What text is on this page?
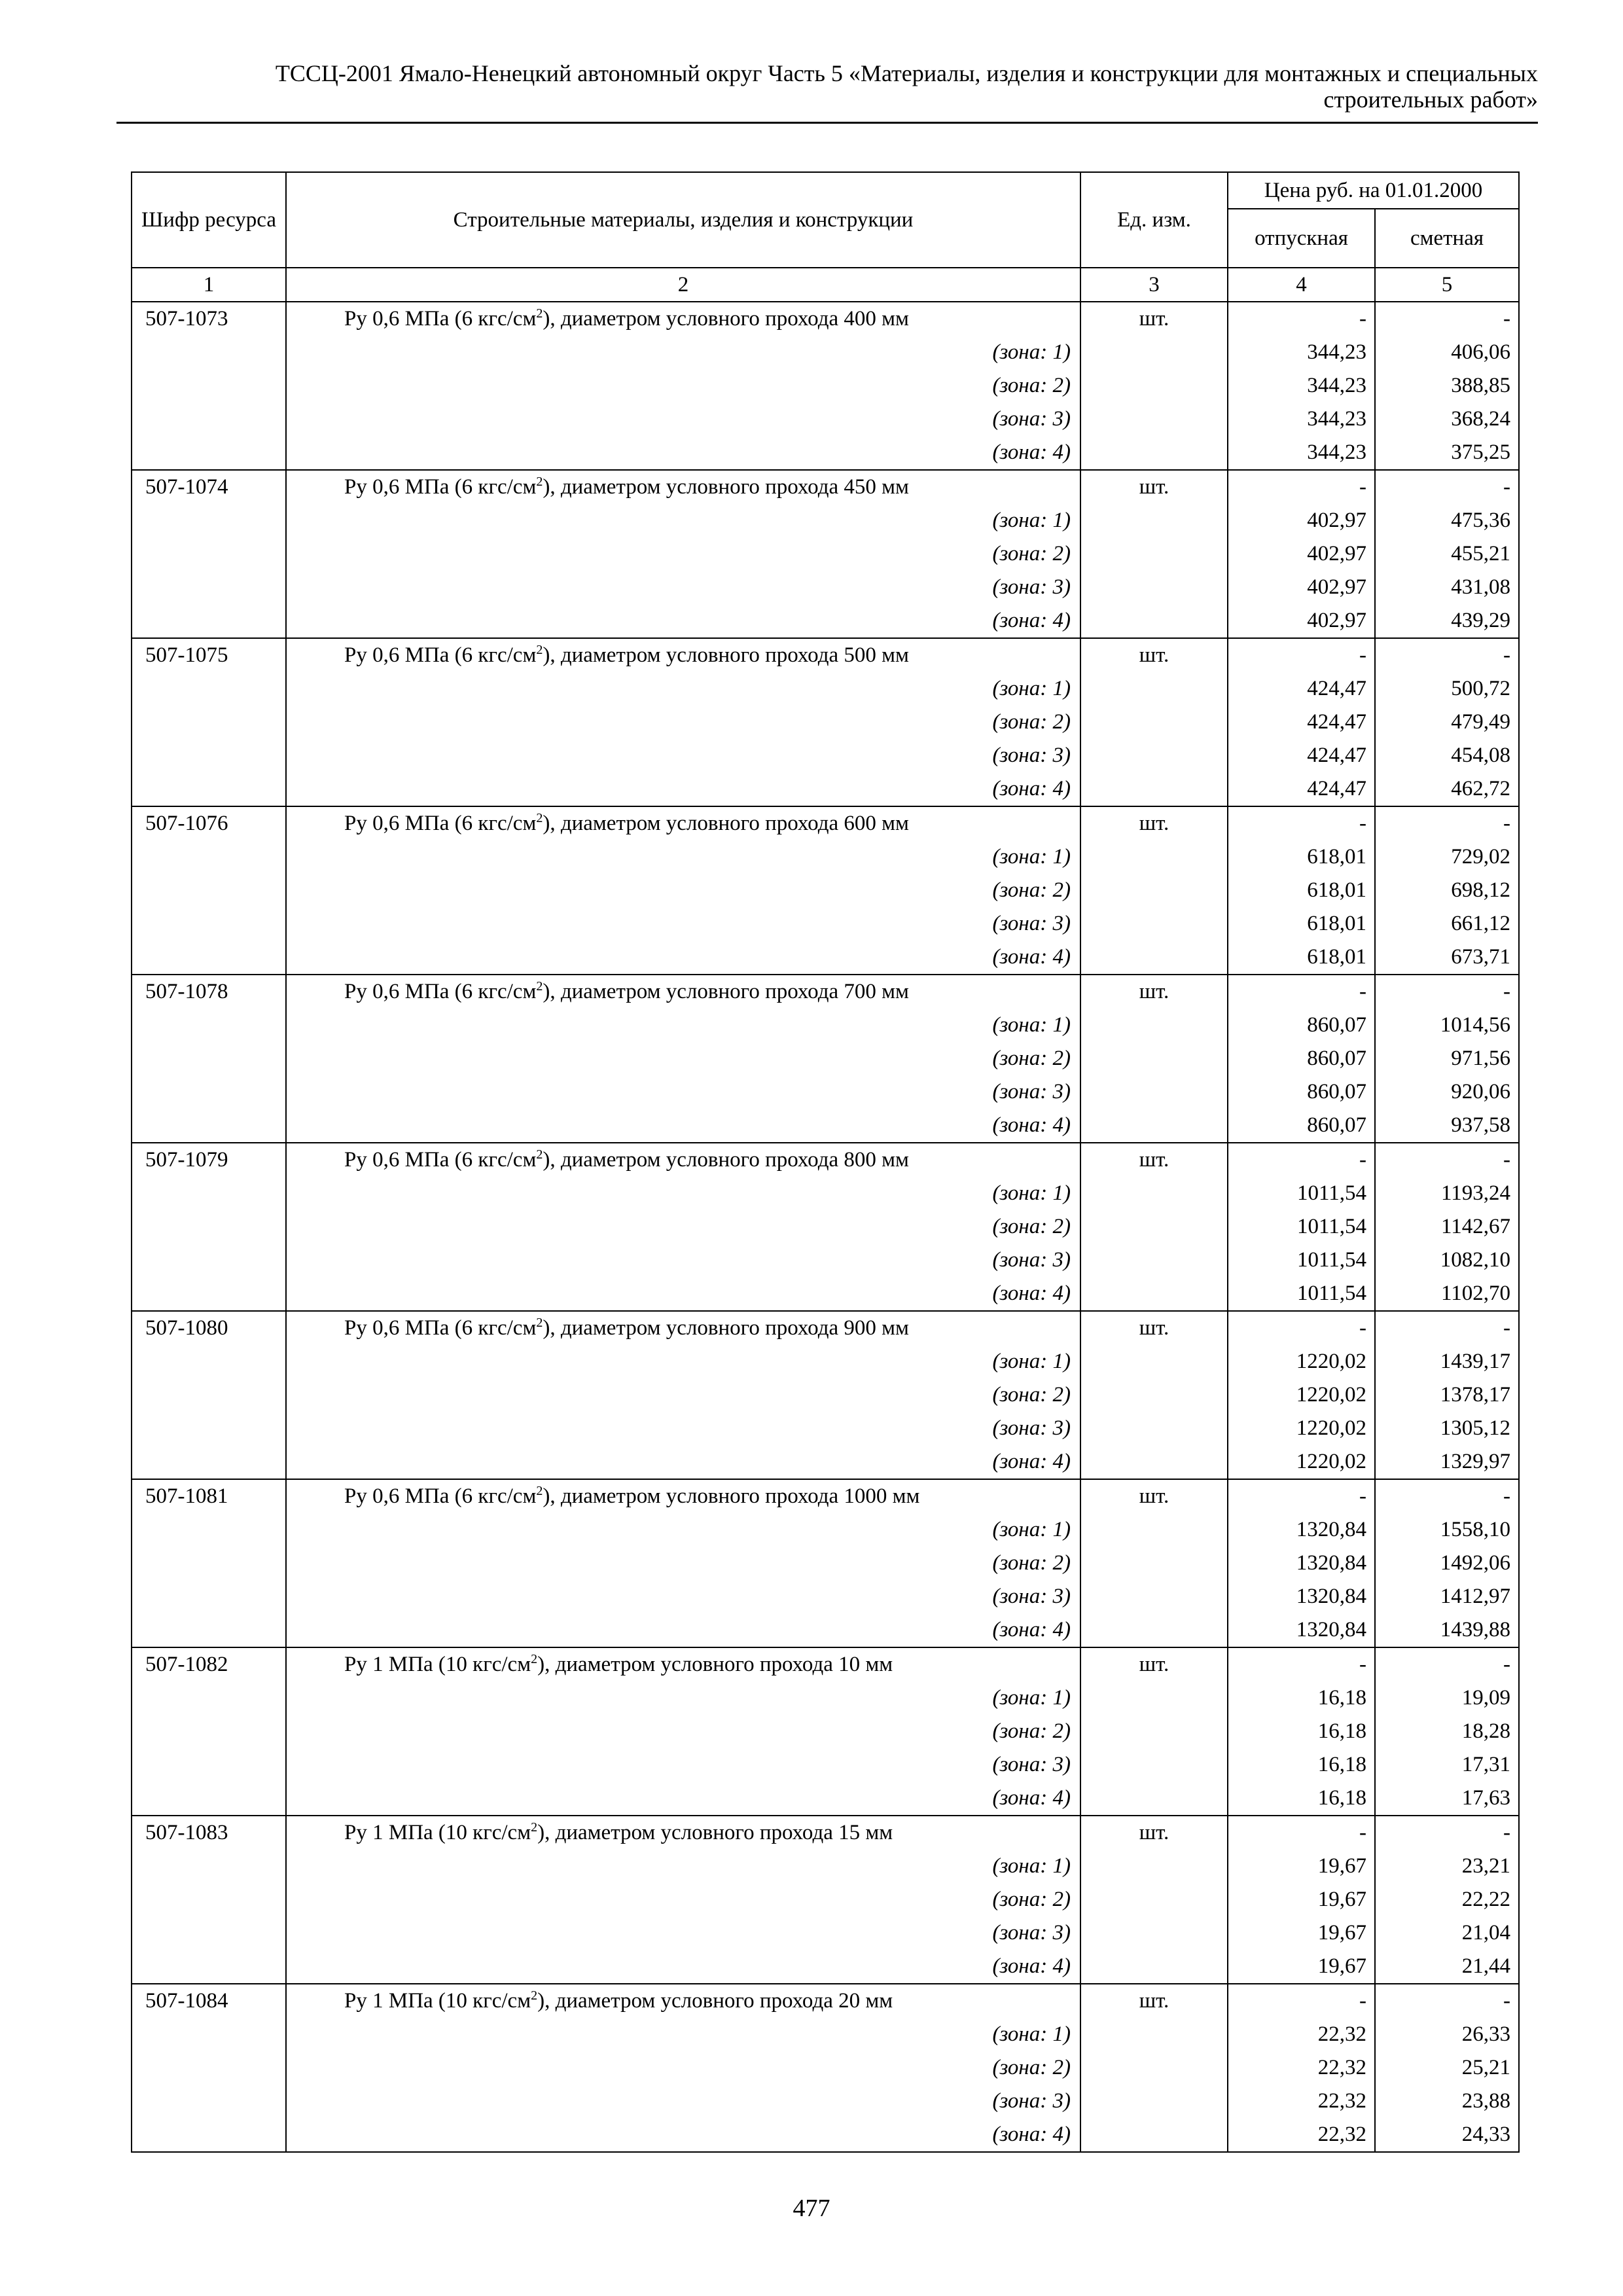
ТССЦ-2001 Ямало-Ненецкий автономный округ Часть 5 «Материалы, изделия и конструкции для монтажных и специальных
строительных работ»
Шифр ресурса	Строительные материалы, изделия и конструкции	Ед. изм.	Цена руб. на 01.01.2000	
			отпускная	сметная
1	2	3	4	5
507-1073	Ру 0,6 МПа (6 кгс/$см^2$), диаметром условного прохода 400 мм	шт.	-	-
	(зона: 1)		344,23	406,06
	(зона: 2)		344,23	388,85
	(зона: 3)		344,23	368,24
	(зона: 4)		344,23	375,25
507-1074	Ру 0,6 МПа (6 кгс/$см^2$), диаметром условного прохода 450 мм	шт.	-	-
	(зона: 1)		402,97	475,36
	(зона: 2)		402,97	455,21
	(зона: 3)		402,97	431,08
	(зона: 4)		402,97	439,29
507-1075	Ру 0,6 МПа (6 кгс/$см^2$), диаметром условного прохода 500 мм	шт.	-	-
	(зона: 1)		424,47	500,72
	(зона: 2)		424,47	479,49
	(зона: 3)		424,47	454,08
	(зона: 4)		424,47	462,72
507-1076	Ру 0,6 МПа (6 кгс/$см^2$), диаметром условного прохода 600 мм	шт.	-	-
	(зона: 1)		618,01	729,02
	(зона: 2)		618,01	698,12
	(зона: 3)		618,01	661,12
	(зона: 4)		618,01	673,71
507-1078	Ру 0,6 МПа (6 кгс/$см^2$), диаметром условного прохода 700 мм	шт.	-	-
	(зона: 1)		860,07	1014,56
	(зона: 2)		860,07	971,56
	(зона: 3)		860,07	920,06
	(зона: 4)		860,07	937,58
507-1079	Ру 0,6 МПа (6 кгс/$см^2$), диаметром условного прохода 800 мм	шт.	-	-
	(зона: 1)		1011,54	1193,24
	(зона: 2)		1011,54	1142,67
	(зона: 3)		1011,54	1082,10
	(зона: 4)		1011,54	1102,70
507-1080	Ру 0,6 МПа (6 кгс/$см^2$), диаметром условного прохода 900 мм	шт.	-	-
	(зона: 1)		1220,02	1439,17
	(зона: 2)		1220,02	1378,17
	(зона: 3)		1220,02	1305,12
	(зона: 4)		1220,02	1329,97
507-1081	Ру 0,6 МПа (6 кгс/$см^2$), диаметром условного прохода 1000 мм	шт.	-	-
	(зона: 1)		1320,84	1558,10
	(зона: 2)		1320,84	1492,06
	(зона: 3)		1320,84	1412,97
	(зона: 4)		1320,84	1439,88
507-1082	Ру 1 МПа (10 кгс/$см^2$), диаметром условного прохода 10 мм	шт.	-	-
	(зона: 1)		16,18	19,09
	(зона: 2)		16,18	18,28
	(зона: 3)		16,18	17,31
	(зона: 4)		16,18	17,63
507-1083	Ру 1 МПа (10 кгс/$см^2$), диаметром условного прохода 15 мм	шт.	-	-
	(зона: 1)		19,67	23,21
	(зона: 2)		19,67	22,22
	(зона: 3)		19,67	21,04
	(зона: 4)		19,67	21,44
507-1084	Ру 1 МПа (10 кгс/$см^2$), диаметром условного прохода 20 мм	шт.	-	-
	(зона: 1)		22,32	26,33
	(зона: 2)		22,32	25,21
	(зона: 3)		22,32	23,88
	(зона: 4)		22,32	24,33
477
